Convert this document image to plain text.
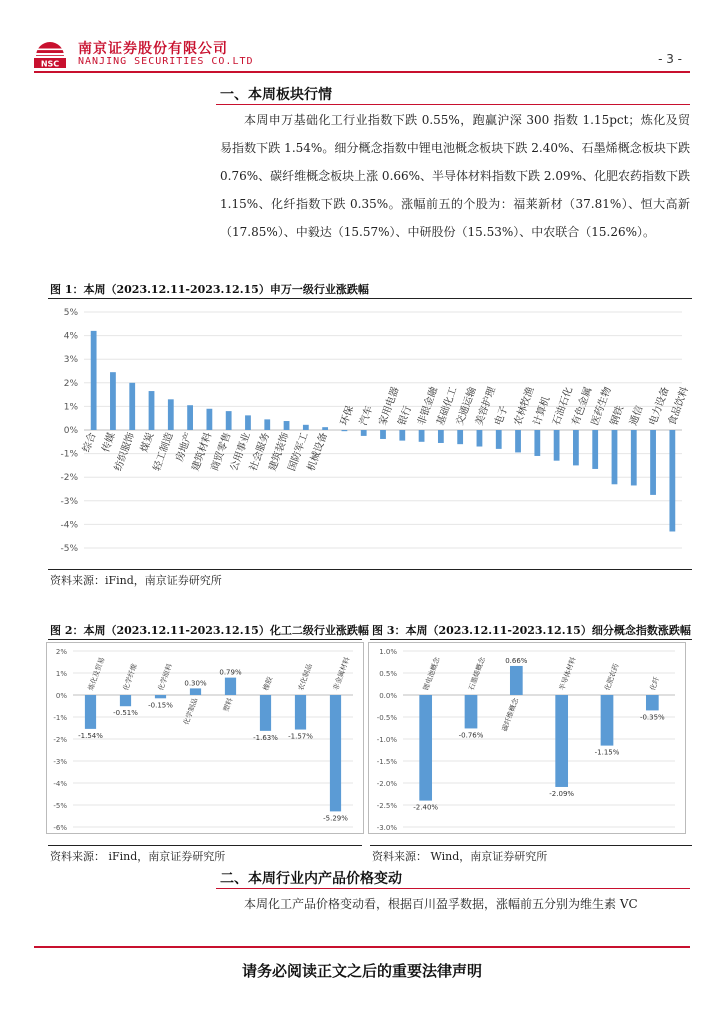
NSC
南京证券股份有限公司
NANJING SECURITIES CO.LTD	- 3 -
一、本周板块行情
本周申万基础化工行业指数下跌 0.55%，跑赢沪深 300 指数 1.15pct；炼化及贸易指数下跌 1.54%。细分概念指数中锂电池概念板块下跌 2.40%、石墨烯概念板块下跌 0.76%、碳纤维概念板块上涨 0.66%、半导体材料指数下跌 2.09%、化肥农药指数下跌 1.15%、化纤指数下跌 0.35%。涨幅前五的个股为：福莱新材（37.81%）、恒大高新（17.85%）、中毅达（15.57%）、中研股份（15.53%）、中农联合（15.26%）。
图 1：本周（2023.12.11-2023.12.15）申万一级行业涨跌幅
5%
4%
3%
2%
1%
0%
-1%
-2%
-3%
-4%
-5%
综合 传媒
纺织服饰 煤炭
轻工制造
房地产
建筑材料
商贸零售
公用事业
社会服务
建筑装饰
国防军工
机械设备
环保 汽车 家用电器
银行 非银金融
基础化工
交通运输
美容护理
电子 农林牧渔
计算机
石油石化
有色金属
医药生物
钢铁 通信 电力设备
食品饮料
资料来源：iFind，南京证券研究所
图 2：本周（2023.12.11-2023.12.15）化工二级行业涨跌幅
2%
1%
0%
-1%
-2%
-3%
-4%
-5%
-6%
炼化及贸易
-1.54%
化学纤维
-0.51%
化学原料
-0.15% 化学制品
0.30%
塑料
0.79%
橡胶
-1.63%
农化制品
-1.57%
非金属材料
-5.29%
资料来源： iFind，南京证券研究所
图 3：本周（2023.12.11-2023.12.15）细分概念指数涨跌幅
1.0%
0.5%
0.0%
-0.5%
-1.0%
-1.5%
-2.0%
-2.5%
-3.0%
锂电池概念
-2.40%
石墨烯概念
-0.76%
碳纤维概念
0.66%	半导体材料
-2.09%
化肥农药
-1.15%
化纤
-0.35%
资料来源： Wind，南京证券研究所
二、本周行业内产品价格变动
本周化工产品价格变动看，根据百川盈孚数据，涨幅前五分别为维生素 VC
请务必阅读正文之后的重要法律声明
